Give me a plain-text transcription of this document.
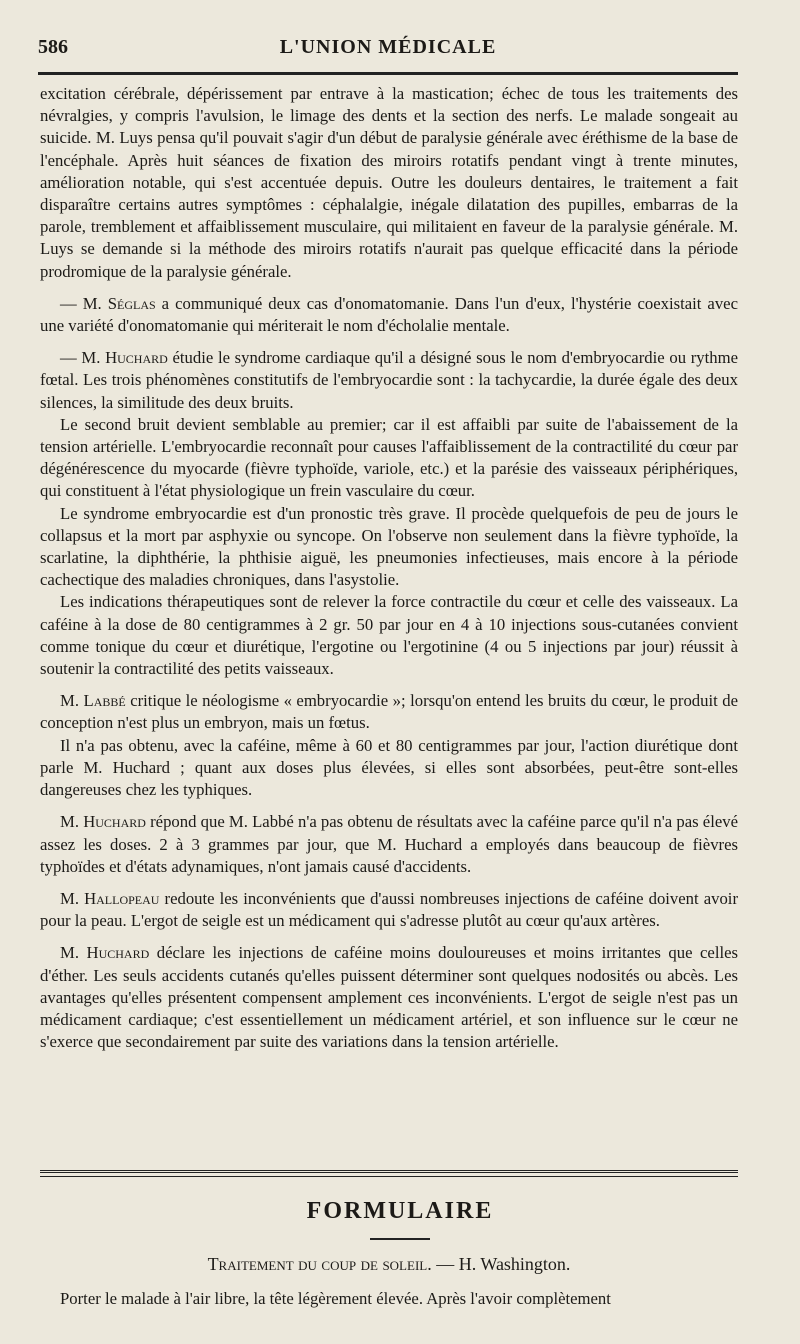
586	L'UNION MÉDICALE

excitation cérébrale, dépérissement par entrave à la mastication; échec de tous les traitements des névralgies, y compris l'avulsion, le limage des dents et la section des nerfs. Le malade songeait au suicide. M. Luys pensa qu'il pouvait s'agir d'un début de paralysie générale avec éréthisme de la base de l'encéphale. Après huit séances de fixation des miroirs rotatifs pendant vingt à trente minutes, amélioration notable, qui s'est accentuée depuis. Outre les douleurs dentaires, le traitement a fait disparaître certains autres symptômes : céphalalgie, inégale dilatation des pupilles, embarras de la parole, tremblement et affaiblissement musculaire, qui militaient en faveur de la paralysie générale. M. Luys se demande si la méthode des miroirs rotatifs n'aurait pas quelque efficacité dans la période prodromique de la paralysie générale.

— M. Séglas a communiqué deux cas d'onomatomanie. Dans l'un d'eux, l'hystérie coexistait avec une variété d'onomatomanie qui mériterait le nom d'écholalie mentale.

— M. Huchard étudie le syndrome cardiaque qu'il a désigné sous le nom d'embryocardie ou rythme fœtal. Les trois phénomènes constitutifs de l'embryocardie sont : la tachycardie, la durée égale des deux silences, la similitude des deux bruits.

Le second bruit devient semblable au premier; car il est affaibli par suite de l'abaissement de la tension artérielle. L'embryocardie reconnaît pour causes l'affaiblissement de la contractilité du cœur par dégénérescence du myocarde (fièvre typhoïde, variole, etc.) et la parésie des vaisseaux périphériques, qui constituent à l'état physiologique un frein vasculaire du cœur.

Le syndrome embryocardie est d'un pronostic très grave. Il procède quelquefois de peu de jours le collapsus et la mort par asphyxie ou syncope. On l'observe non seulement dans la fièvre typhoïde, la scarlatine, la diphthérie, la phthisie aiguë, les pneumonies infectieuses, mais encore à la période cachectique des maladies chroniques, dans l'asystolie.

Les indications thérapeutiques sont de relever la force contractile du cœur et celle des vaisseaux. La caféine à la dose de 80 centigrammes à 2 gr. 50 par jour en 4 à 10 injections sous-cutanées convient comme tonique du cœur et diurétique, l'ergotine ou l'ergotinine (4 ou 5 injections par jour) réussit à soutenir la contractilité des petits vaisseaux.

M. Labbé critique le néologisme « embryocardie »; lorsqu'on entend les bruits du cœur, le produit de conception n'est plus un embryon, mais un fœtus.

Il n'a pas obtenu, avec la caféine, même à 60 et 80 centigrammes par jour, l'action diurétique dont parle M. Huchard ; quant aux doses plus élevées, si elles sont absorbées, peut-être sont-elles dangereuses chez les typhiques.

M. Huchard répond que M. Labbé n'a pas obtenu de résultats avec la caféine parce qu'il n'a pas élevé assez les doses. 2 à 3 grammes par jour, que M. Huchard a employés dans beaucoup de fièvres typhoïdes et d'états adynamiques, n'ont jamais causé d'accidents.

M. Hallopeau redoute les inconvénients que d'aussi nombreuses injections de caféine doivent avoir pour la peau. L'ergot de seigle est un médicament qui s'adresse plutôt au cœur qu'aux artères.

M. Huchard déclare les injections de caféine moins douloureuses et moins irritantes que celles d'éther. Les seuls accidents cutanés qu'elles puissent déterminer sont quelques nodosités ou abcès. Les avantages qu'elles présentent compensent amplement ces inconvénients. L'ergot de seigle n'est pas un médicament cardiaque; c'est essentiellement un médicament artériel, et son influence sur le cœur ne s'exerce que secondairement par suite des variations dans la tension artérielle.

FORMULAIRE
Traitement du coup de soleil. — H. Washington.

Porter le malade à l'air libre, la tête légèrement élevée. Après l'avoir complètement
